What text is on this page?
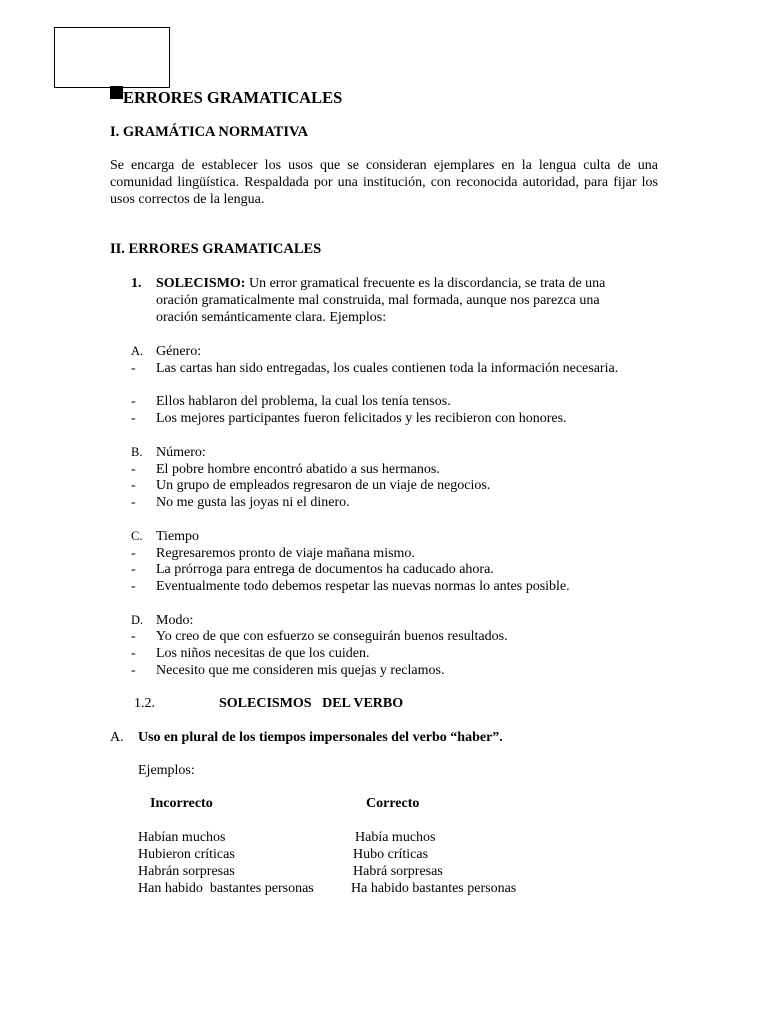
ERRORES GRAMATICALES
I. GRAMÁTICA NORMATIVA
Se encarga de establecer los usos que se consideran ejemplares en la lengua culta de una comunidad lingüística. Respaldada por una institución, con reconocida autoridad, para fijar los usos correctos de la lengua.
II. ERRORES GRAMATICALES
1. SOLECISMO: Un error gramatical frecuente es la discordancia, se trata de una
oración gramaticalmente mal construida, mal formada, aunque nos parezca una
oración semánticamente clara. Ejemplos:
A. Género:
- Las cartas han sido entregadas, los cuales contienen toda la información necesaria.
- Ellos hablaron del problema, la cual los tenía tensos.
- Los mejores participantes fueron felicitados y les recibieron con honores.
B. Número:
- El pobre hombre encontró abatido a sus hermanos.
- Un grupo de empleados regresaron de un viaje de negocios.
- No me gusta las joyas ni el dinero.
C. Tiempo
- Regresaremos pronto de viaje mañana mismo.
- La prórroga para entrega de documentos ha caducado ahora.
- Eventualmente todo debemos respetar las nuevas normas lo antes posible.
D. Modo:
- Yo creo de que con esfuerzo se conseguirán buenos resultados.
- Los niños necesitas de que los cuiden.
- Necesito que me consideren mis quejas y reclamos.
1.2.	SOLECISMOS   DEL VERBO
A. Uso en plural de los tiempos impersonales del verbo “haber”.
Ejemplos:
Incorrecto	Correcto
Habían muchos	Había muchos
Hubieron críticas	Hubo críticas
Habrán sorpresas	Habrá sorpresas
Han habido  bastantes personas	Ha habido bastantes personas
